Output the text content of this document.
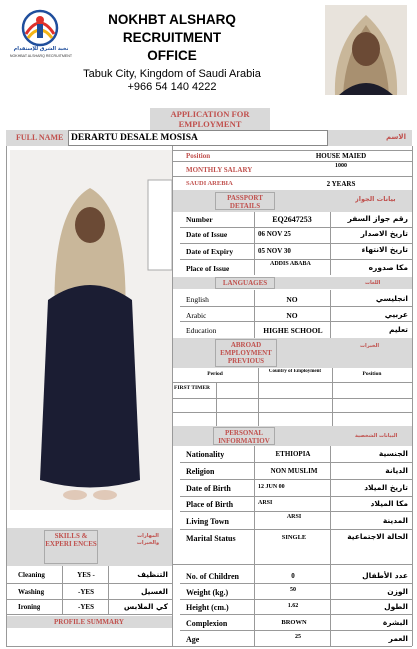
نخبة الشرق للإستقدام
NOKHBAT ALSHARQ RECRUITMENT
NOKHBT ALSHARQ
RECRUITMENT
OFFICE
Tabuk City, Kingdom of Saudi Arabia
+966 54 140 4222
APPLICATION FOR EMPLOYMENT
FULL NAME DERARTU DESALE MOSISA	الاسم
Position	HOUSE MAIED
MONTHLY SALARY	1000
SAUDI AREBIA	2 YEARS
PASSPORT DETAILS
بيانات الجواز
Number	EQ2647253	رقم جواز السفر
Date of Issue	06 NOV 25	تاريخ الاصدار
Date of Expiry	05 NOV 30	تاريخ الانتهاء
Place of Issue	ADDIS ABABA	مكا صدوره
LANGUAGES	اللغات
English	NO	انجليسي
Arabic	NO	عربيي
Education	HIGHE SCHOOL	تعليم
ABROAD EMPLOYMENT PREVIOUS
الخبرات
Period	Country of Employment	Position
FIRST TIMER
PERSONAL INFORMATIOV
البيانات الشخصية
Nationality	ETHIOPIA	الجنسية
Religion	NON MUSLIM	الديانة
Date of Birth	12 JUN 00	تاريخ الميلاد
Place of Birth	ARSI	مكا الميلاد
Living Town	ARSI	المدينة
Marital Status	SINGLE	الحالة الاجتماعية
No. of Children	0	عدد الأطفال
Weight (kg.)	50	الوزن
Height (cm.)	1.62	الطول
Complexion	BROWN	البشرة
Age	25	العمر
SKILLS & EXPERI ENCES
المهارات والخبرات
Cleaning	YES -	التنظيف
Washing	-YES	الغسيل
Ironing	-YES	كي الملابس
PROFILE SUMMARY
